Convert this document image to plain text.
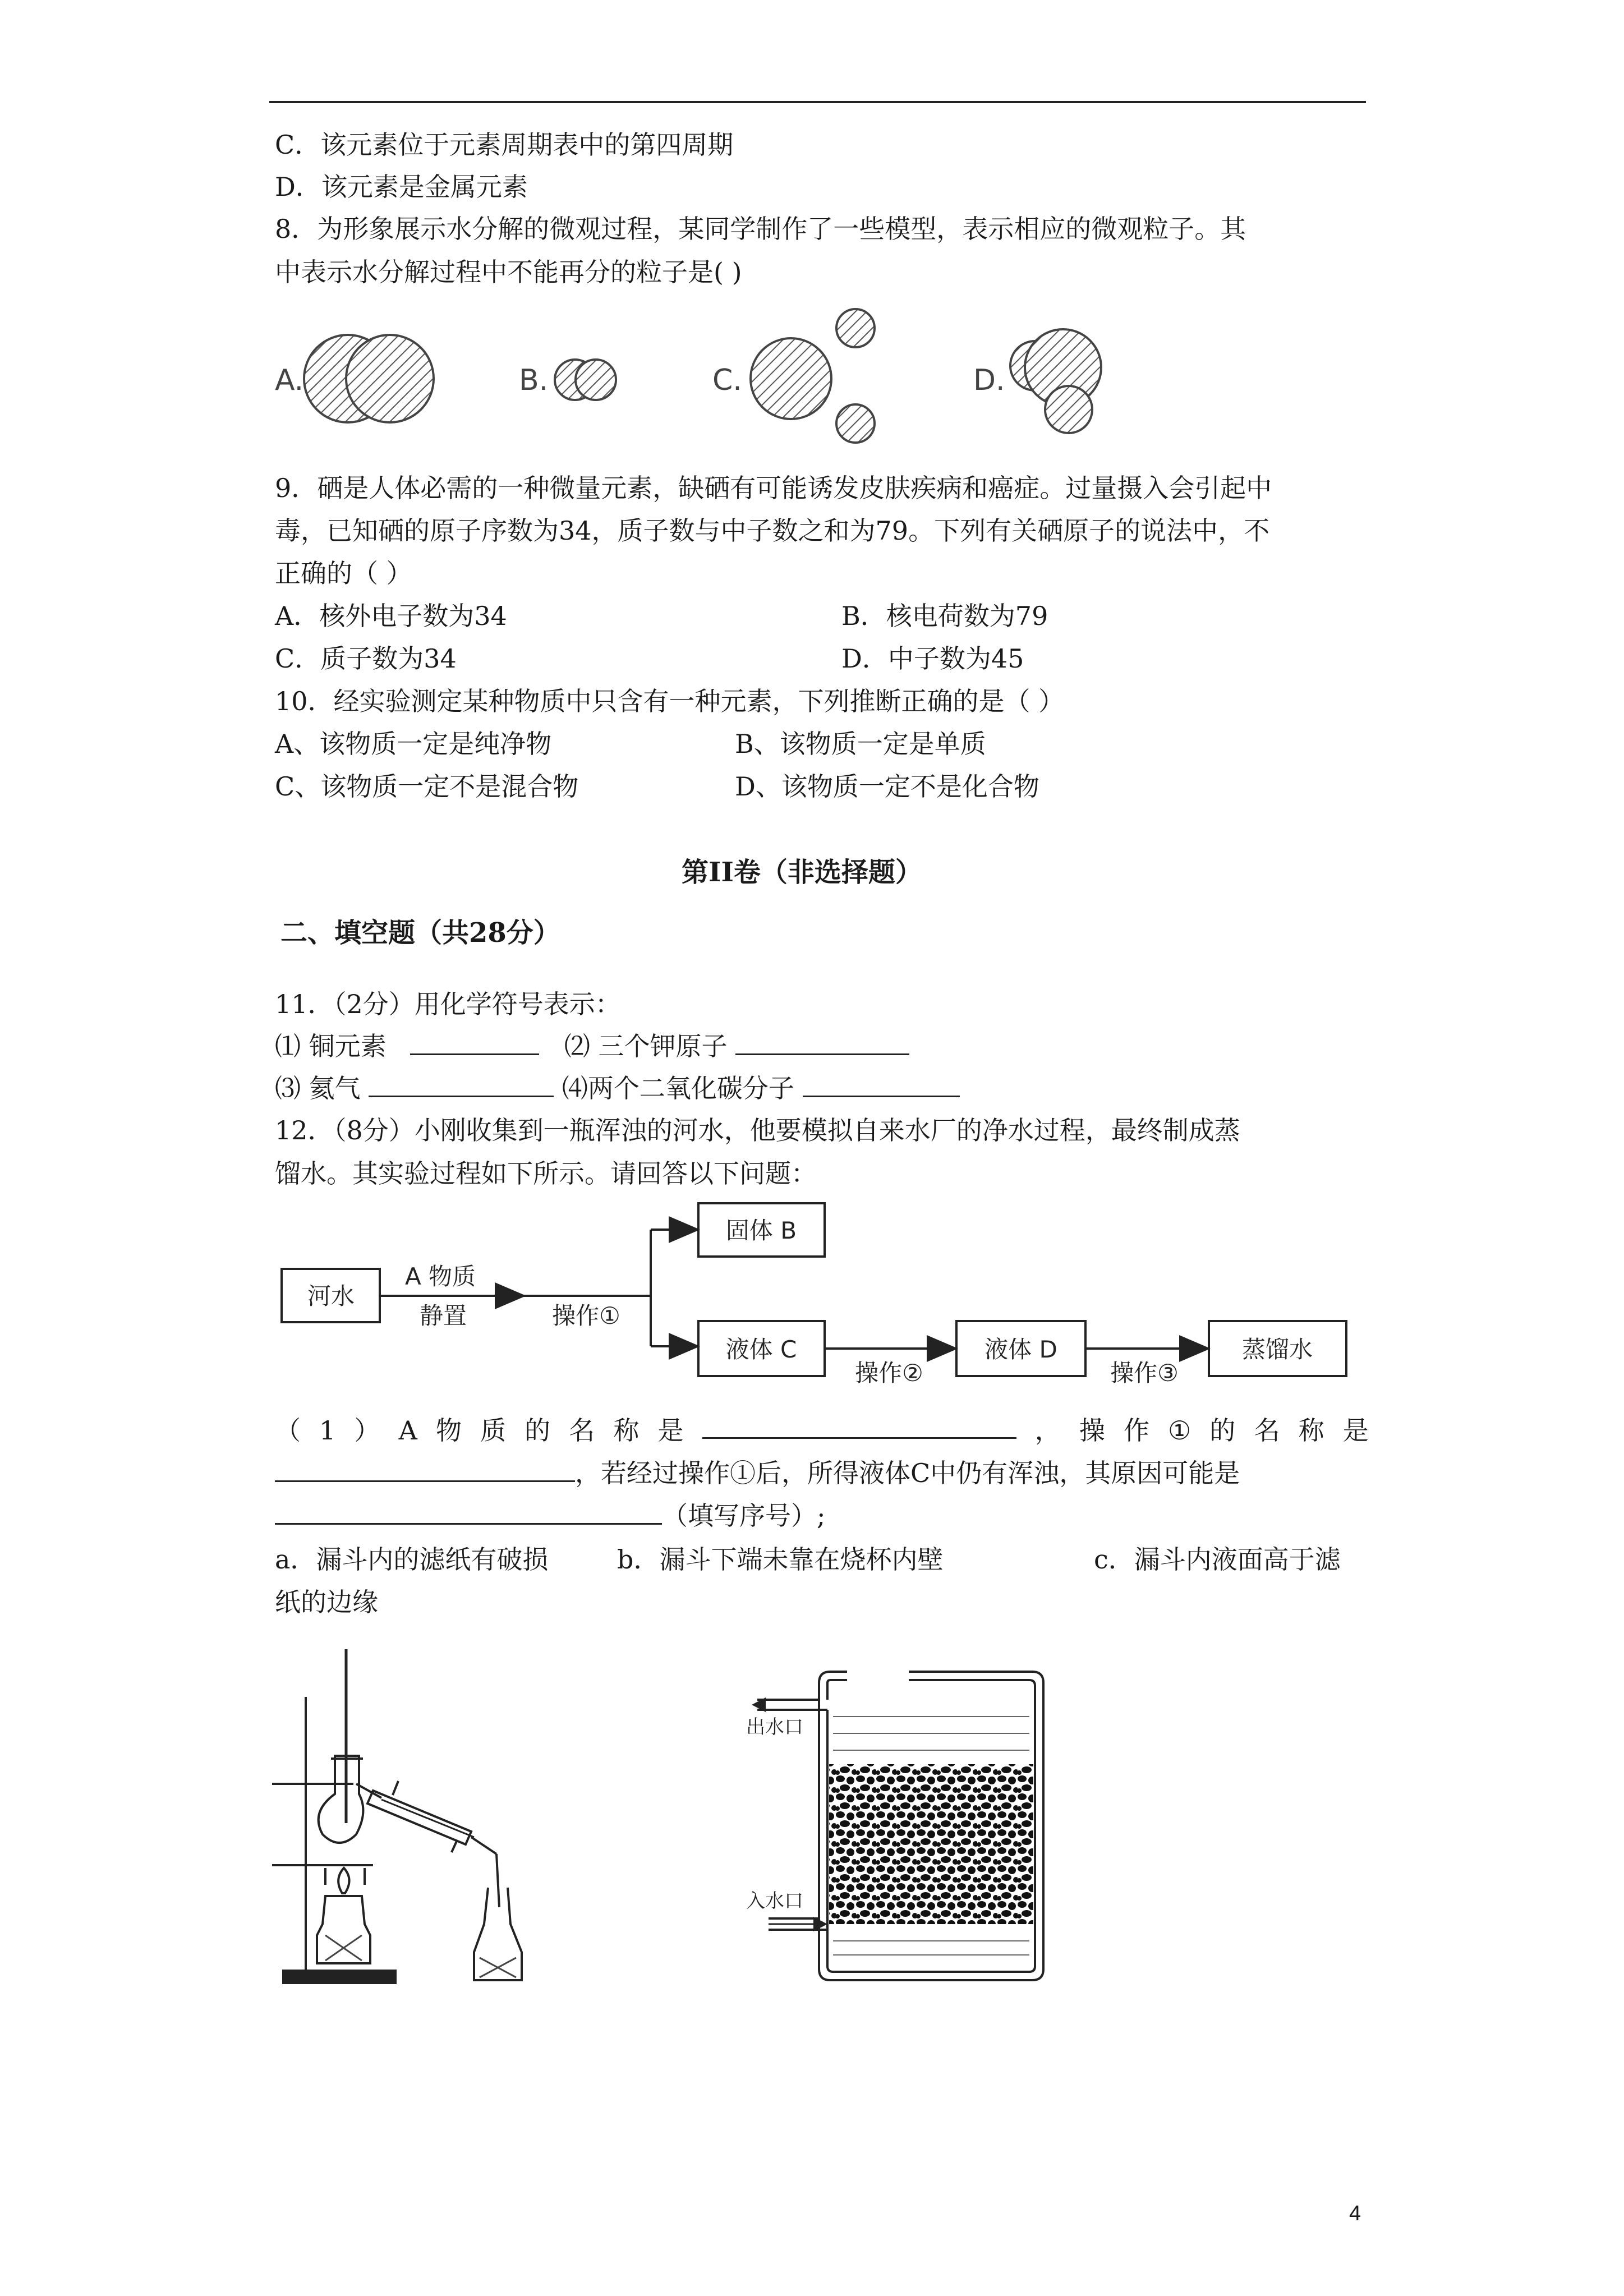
C．该元素位于元素周期表中的第四周期
D．该元素是金属元素
8．为形象展示水分解的微观过程，某同学制作了一些模型，表示相应的微观粒子。其
中表示水分解过程中不能再分的粒子是( )
A.	B.	C.	D.
9．硒是人体必需的一种微量元素，缺硒有可能诱发皮肤疾病和癌症。过量摄入会引起中
毒，已知硒的原子序数为34，质子数与中子数之和为79。下列有关硒原子的说法中，不
正确的（ ）
A．核外电子数为34	B．核电荷数为79
C．质子数为34	D．中子数为45
10．经实验测定某种物质中只含有一种元素，下列推断正确的是（ ）
A、该物质一定是纯净物	B、该物质一定是单质
C、该物质一定不是混合物	D、该物质一定不是化合物
第II卷（非选择题）
二、填空题（共28分）
11．（2分）用化学符号表示：
⑴ 铜元素	⑵ 三个钾原子
⑶ 氦气	⑷两个二氧化碳分子
12．（8分）小刚收集到一瓶浑浊的河水，他要模拟自来水厂的净水过程，最终制成蒸
馏水。其实验过程如下所示。请回答以下问题：
河水
A 物质
静置	操作①
固体 B
液体 C
操作②
液体 D
操作③
蒸馏水
（ 1 ） A 物 质 的 名 称 是	， 操 作 ① 的 名 称 是
，若经过操作①后，所得液体C中仍有浑浊，其原因可能是
（填写序号）;
a．漏斗内的滤纸有破损	b．漏斗下端未靠在烧杯内壁	c．漏斗内液面高于滤
纸的边缘
出水口
入水口
4
